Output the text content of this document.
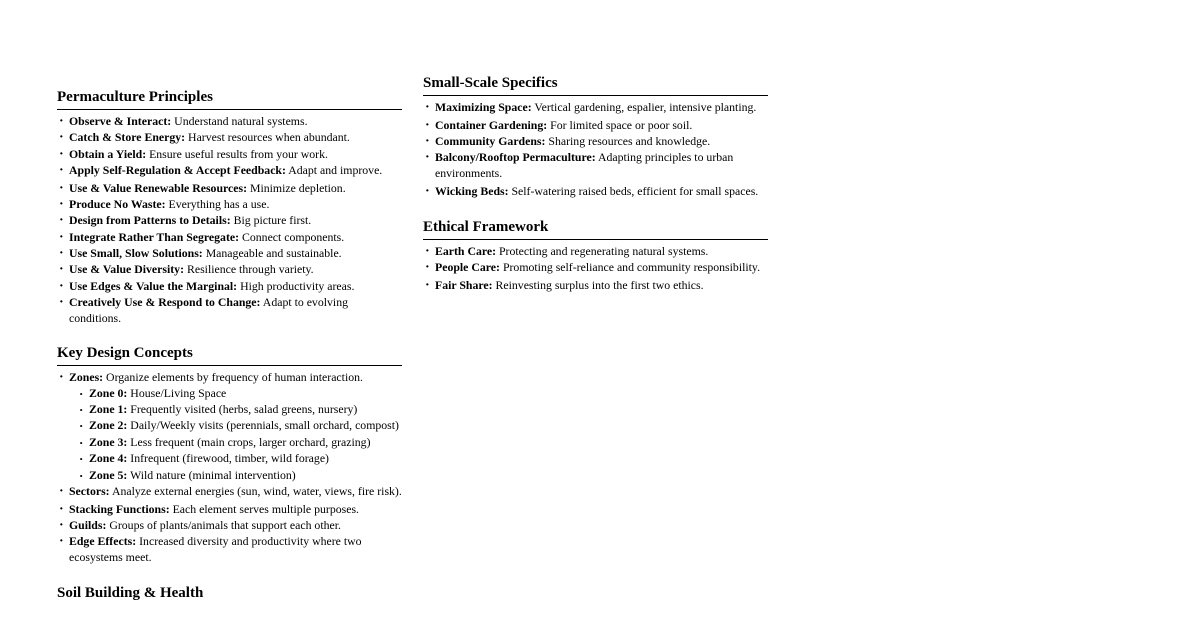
Permaculture Principles
· Observe & Interact: Understand natural systems.
· Catch & Store Energy: Harvest resources when abundant.
· Obtain a Yield: Ensure useful results from your work.
· Apply Self-Regulation & Accept Feedback: Adapt and improve.
· Use & Value Renewable Resources: Minimize depletion.
· Produce No Waste: Everything has a use.
· Design from Patterns to Details: Big picture first.
· Integrate Rather Than Segregate: Connect components.
· Use Small, Slow Solutions: Manageable and sustainable.
· Use & Value Diversity: Resilience through variety.
· Use Edges & Value the Marginal: High productivity areas.
· Creatively Use & Respond to Change: Adapt to evolving conditions.
Key Design Concepts
· Zones: Organize elements by frequency of human interaction.
· Zone 0: House/Living Space
· Zone 1: Frequently visited (herbs, salad greens, nursery)
· Zone 2: Daily/Weekly visits (perennials, small orchard, compost)
· Zone 3: Less frequent (main crops, larger orchard, grazing)
· Zone 4: Infrequent (firewood, timber, wild forage)
· Zone 5: Wild nature (minimal intervention)
· Sectors: Analyze external energies (sun, wind, water, views, fire risk).
· Stacking Functions: Each element serves multiple purposes.
· Guilds: Groups of plants/animals that support each other.
· Edge Effects: Increased diversity and productivity where two ecosystems meet.
Soil Building & Health
Small-Scale Specifics
· Maximizing Space: Vertical gardening, espalier, intensive planting.
· Container Gardening: For limited space or poor soil.
· Community Gardens: Sharing resources and knowledge.
· Balcony/Rooftop Permaculture: Adapting principles to urban environments.
· Wicking Beds: Self-watering raised beds, efficient for small spaces.
Ethical Framework
· Earth Care: Protecting and regenerating natural systems.
· People Care: Promoting self-reliance and community responsibility.
· Fair Share: Reinvesting surplus into the first two ethics.
